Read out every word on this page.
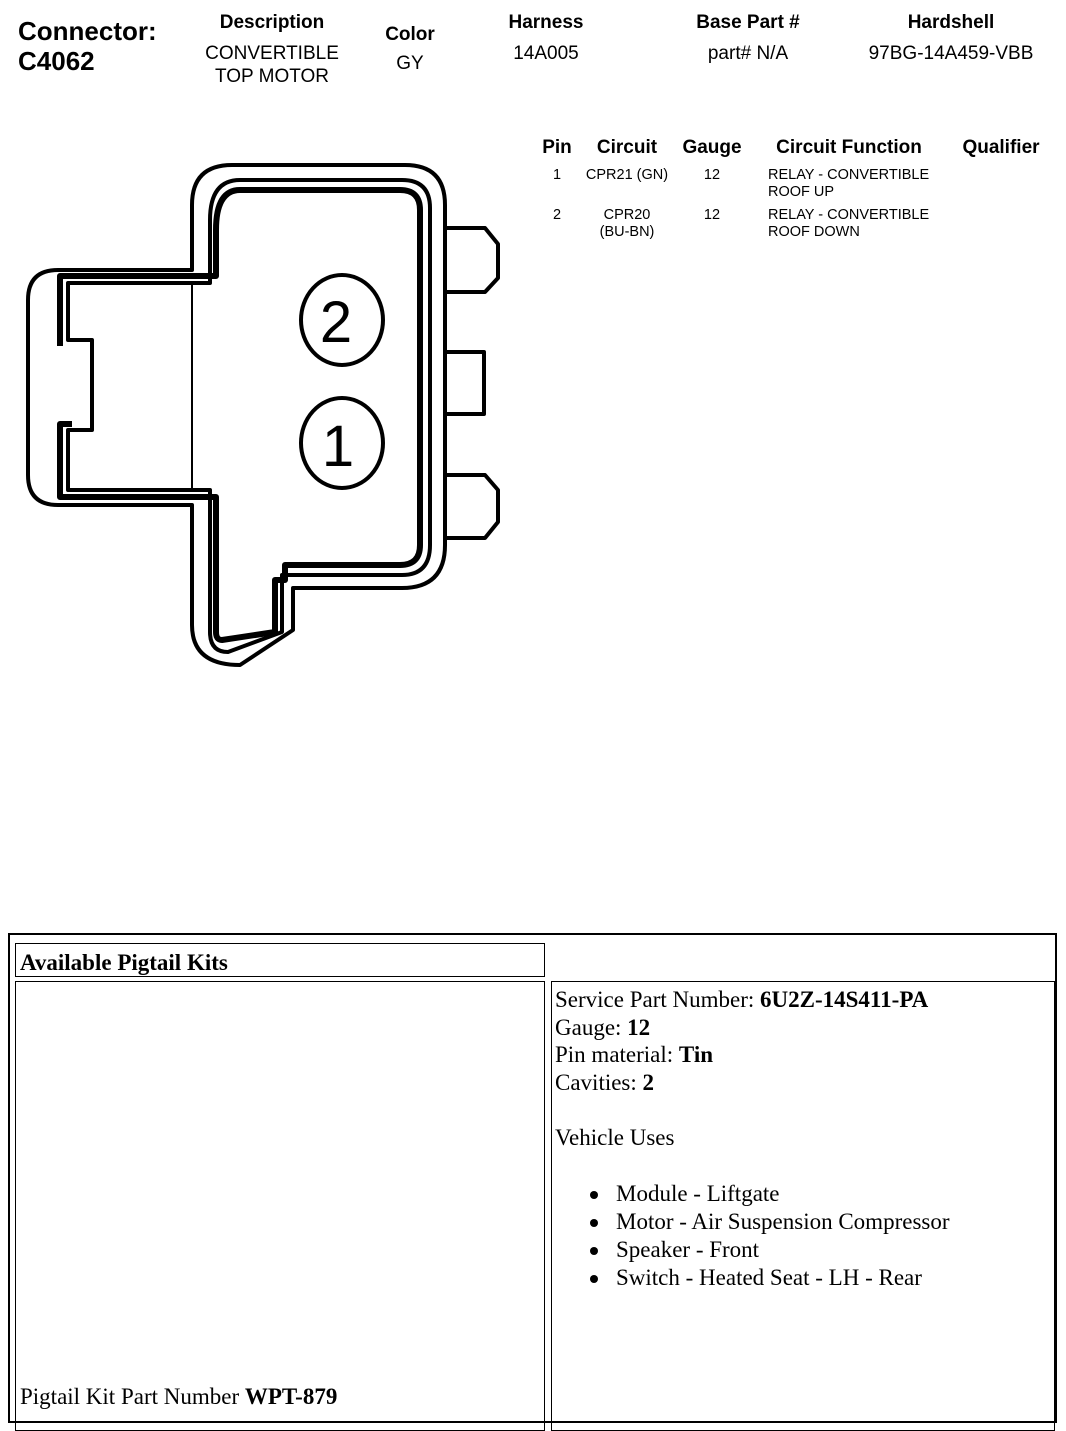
Connector:
C4062
Description
CONVERTIBLE TOP MOTOR
Color
GY
Harness
14A005
Base Part #
part# N/A
Hardshell
97BG-14A459-VBB
2
1
Pin	Circuit	Gauge	Circuit Function	Qualifier
1	CPR21 (GN)	12	RELAY - CONVERTIBLE ROOF UP	
2	CPR20 (BU-BN)	12	RELAY - CONVERTIBLE ROOF DOWN	
Available Pigtail Kits
Pigtail Kit Part Number WPT-879
Service Part Number: 6U2Z-14S411-PA
Gauge: 12
Pin material: Tin
Cavities: 2
Vehicle Uses
Module - Liftgate
Motor - Air Suspension Compressor
Speaker - Front
Switch - Heated Seat - LH - Rear
